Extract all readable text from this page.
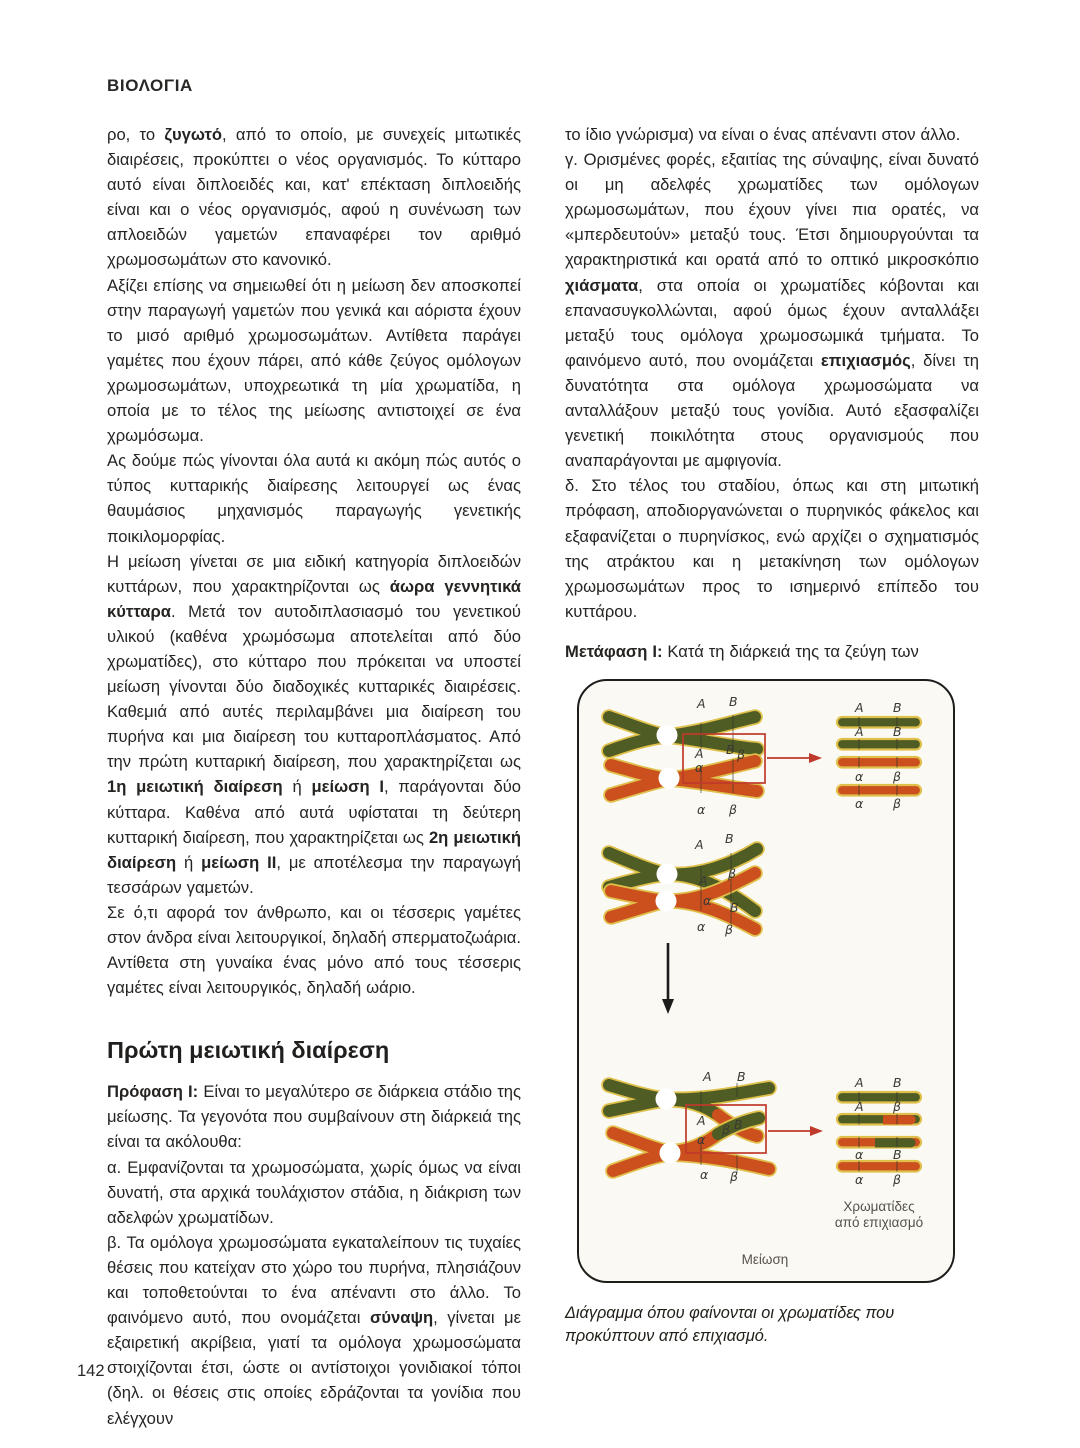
ΒΙΟΛΟΓΙΑ

ρο, το ζυγωτό, από το οποίο, με συνεχείς μιτωτικές διαιρέσεις, προκύπτει ο νέος οργανισμός. Το κύτταρο αυτό είναι διπλοειδές και, κατ' επέκταση διπλοειδής είναι και ο νέος οργανισμός, αφού η συνένωση των απλοειδών γαμετών επαναφέρει τον αριθμό χρωμοσωμάτων στο κανονικό.

Αξίζει επίσης να σημειωθεί ότι η μείωση δεν αποσκοπεί στην παραγωγή γαμετών που γενικά και αόριστα έχουν το μισό αριθμό χρωμοσωμάτων. Αντίθετα παράγει γαμέτες που έχουν πάρει, από κάθε ζεύγος ομόλογων χρωμοσωμάτων, υποχρεωτικά τη μία χρωματίδα, η οποία με το τέλος της μείωσης αντιστοιχεί σε ένα χρωμόσωμα.

Ας δούμε πώς γίνονται όλα αυτά κι ακόμη πώς αυτός ο τύπος κυτταρικής διαίρεσης λειτουργεί ως ένας θαυμάσιος μηχανισμός παραγωγής γενετικής ποικιλομορφίας.

Η μείωση γίνεται σε μια ειδική κατηγορία διπλοειδών κυττάρων, που χαρακτηρίζονται ως άωρα γεννητικά κύτταρα. Μετά τον αυτοδιπλασιασμό του γενετικού υλικού (καθένα χρωμόσωμα αποτελείται από δύο χρωματίδες), στο κύτταρο που πρόκειται να υποστεί μείωση γίνονται δύο διαδοχικές κυτταρικές διαιρέσεις. Καθεμιά από αυτές περιλαμβάνει μια διαίρεση του πυρήνα και μια διαίρεση του κυτταροπλάσματος. Από την πρώτη κυτταρική διαίρεση, που χαρακτηρίζεται ως 1η μειωτική διαίρεση ή μείωση Ι, παράγονται δύο κύτταρα. Καθένα από αυτά υφίσταται τη δεύτερη κυτταρική διαίρεση, που χαρακτηρίζεται ως 2η μειωτική διαίρεση ή μείωση ΙΙ, με αποτέλεσμα την παραγωγή τεσσάρων γαμετών.

Σε ό,τι αφορά τον άνθρωπο, και οι τέσσερις γαμέτες στον άνδρα είναι λειτουργικοί, δηλαδή σπερματοζωάρια. Αντίθετα στη γυναίκα ένας μόνο από τους τέσσερις γαμέτες είναι λειτουργικός, δηλαδή ωάριο.

Πρώτη μειωτική διαίρεση

Πρόφαση Ι: Είναι το μεγαλύτερο σε διάρκεια στάδιο της μείωσης. Τα γεγονότα που συμβαίνουν στη διάρκειά της είναι τα ακόλουθα:

α. Εμφανίζονται τα χρωμοσώματα, χωρίς όμως να είναι δυνατή, στα αρχικά τουλάχιστον στάδια, η διάκριση των αδελφών χρωματίδων.

β. Τα ομόλογα χρωμοσώματα εγκαταλείπουν τις τυχαίες θέσεις που κατείχαν στο χώρο του πυρήνα, πλησιάζουν και τοποθετούνται το ένα απέναντι στο άλλο. Το φαινόμενο αυτό, που ονομάζεται σύναψη, γίνεται με εξαιρετική ακρίβεια, γιατί τα ομόλογα χρωμοσώματα στοιχίζονται έτσι, ώστε οι αντίστοιχοι γονιδιακοί τόποι (δηλ. οι θέσεις στις οποίες εδράζονται τα γονίδια που ελέγχουν

το ίδιο γνώρισμα) να είναι ο ένας απέναντι στον άλλο.

γ. Ορισμένες φορές, εξαιτίας της σύναψης, είναι δυνατό οι μη αδελφές χρωματίδες των ομόλογων χρωμοσωμάτων, που έχουν γίνει πια ορατές, να «μπερδευτούν» μεταξύ τους. Έτσι δημιουργούνται τα χαρακτηριστικά και ορατά από το οπτικό μικροσκόπιο χιάσματα, στα οποία οι χρωματίδες κόβονται και επανασυγκολλώνται, αφού όμως έχουν ανταλλάξει μεταξύ τους ομόλογα χρωμοσωμικά τμήματα. Το φαινόμενο αυτό, που ονομάζεται επιχιασμός, δίνει τη δυνατότητα στα ομόλογα χρωμοσώματα να ανταλλάξουν μεταξύ τους γονίδια. Αυτό εξασφαλίζει γενετική ποικιλότητα στους οργανισμούς που αναπαράγονται με αμφιγονία.

δ. Στο τέλος του σταδίου, όπως και στη μιτωτική πρόφαση, αποδιοργανώνεται ο πυρηνικός φάκελος και εξαφανίζεται ο πυρηνίσκος, ενώ αρχίζει ο σχηματισμός της ατράκτου και η μετακίνηση των ομόλογων χρωμοσωμάτων προς το ισημερινό επίπεδο του κυττάρου.

Μετάφαση Ι: Κατά τη διάρκειά της τα ζεύγη των

A B
A B β
α
α β
A B
A B
α β
α β
A B
A β
α B
α β
A B
A
β B
α
α β
A B
A β
α B
α β
Χρωματίδες
από επιχιασμό
Μείωση

Διάγραμμα όπου φαίνονται οι χρωματίδες που προκύπτουν από επιχιασμό.

142
